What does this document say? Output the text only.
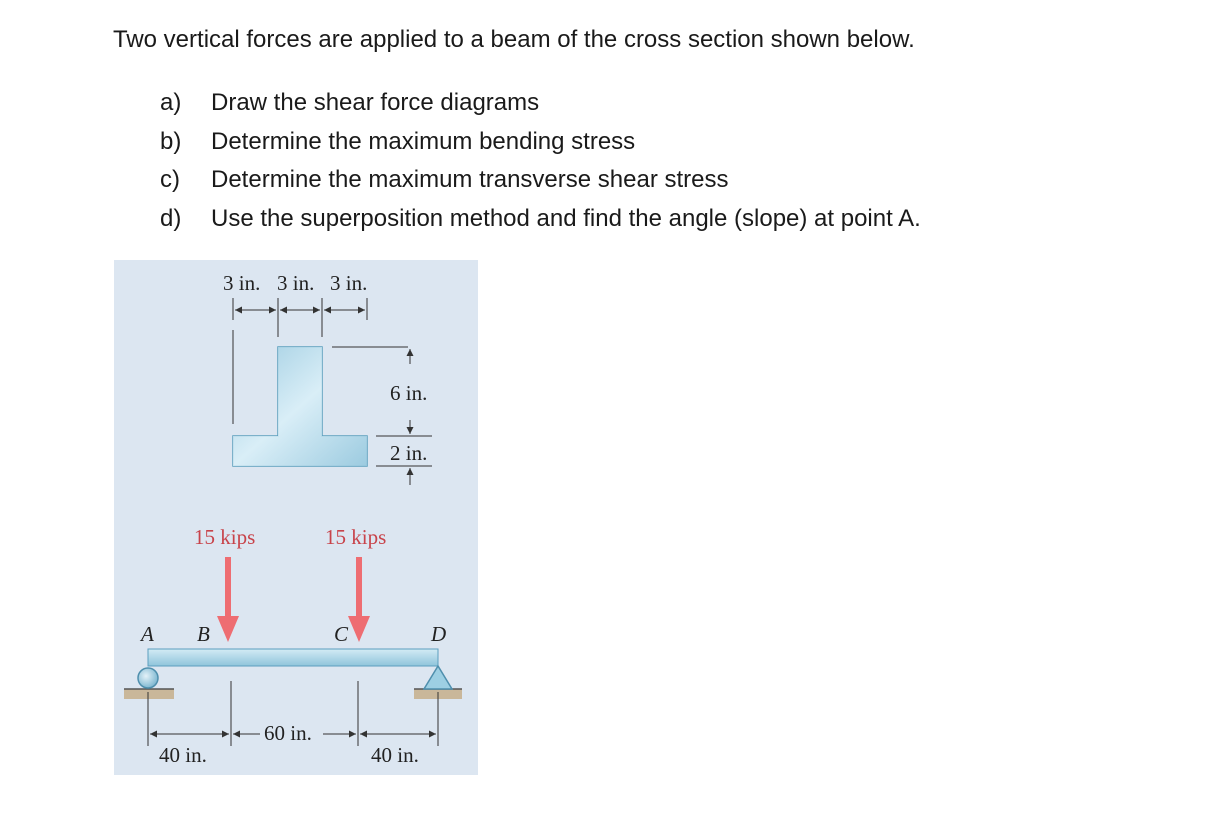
Two vertical forces are applied to a beam of the cross section shown below.

a)	Draw the shear force diagrams
b)	Determine the maximum bending stress
c)	Determine the maximum transverse shear stress
d)	Use the superposition method and find the angle (slope) at point A.
3 in. 3 in. 3 in.
6 in.
2 in.
15 kips	15 kips
A B	C	D
40 in.
60 in.
40 in.
